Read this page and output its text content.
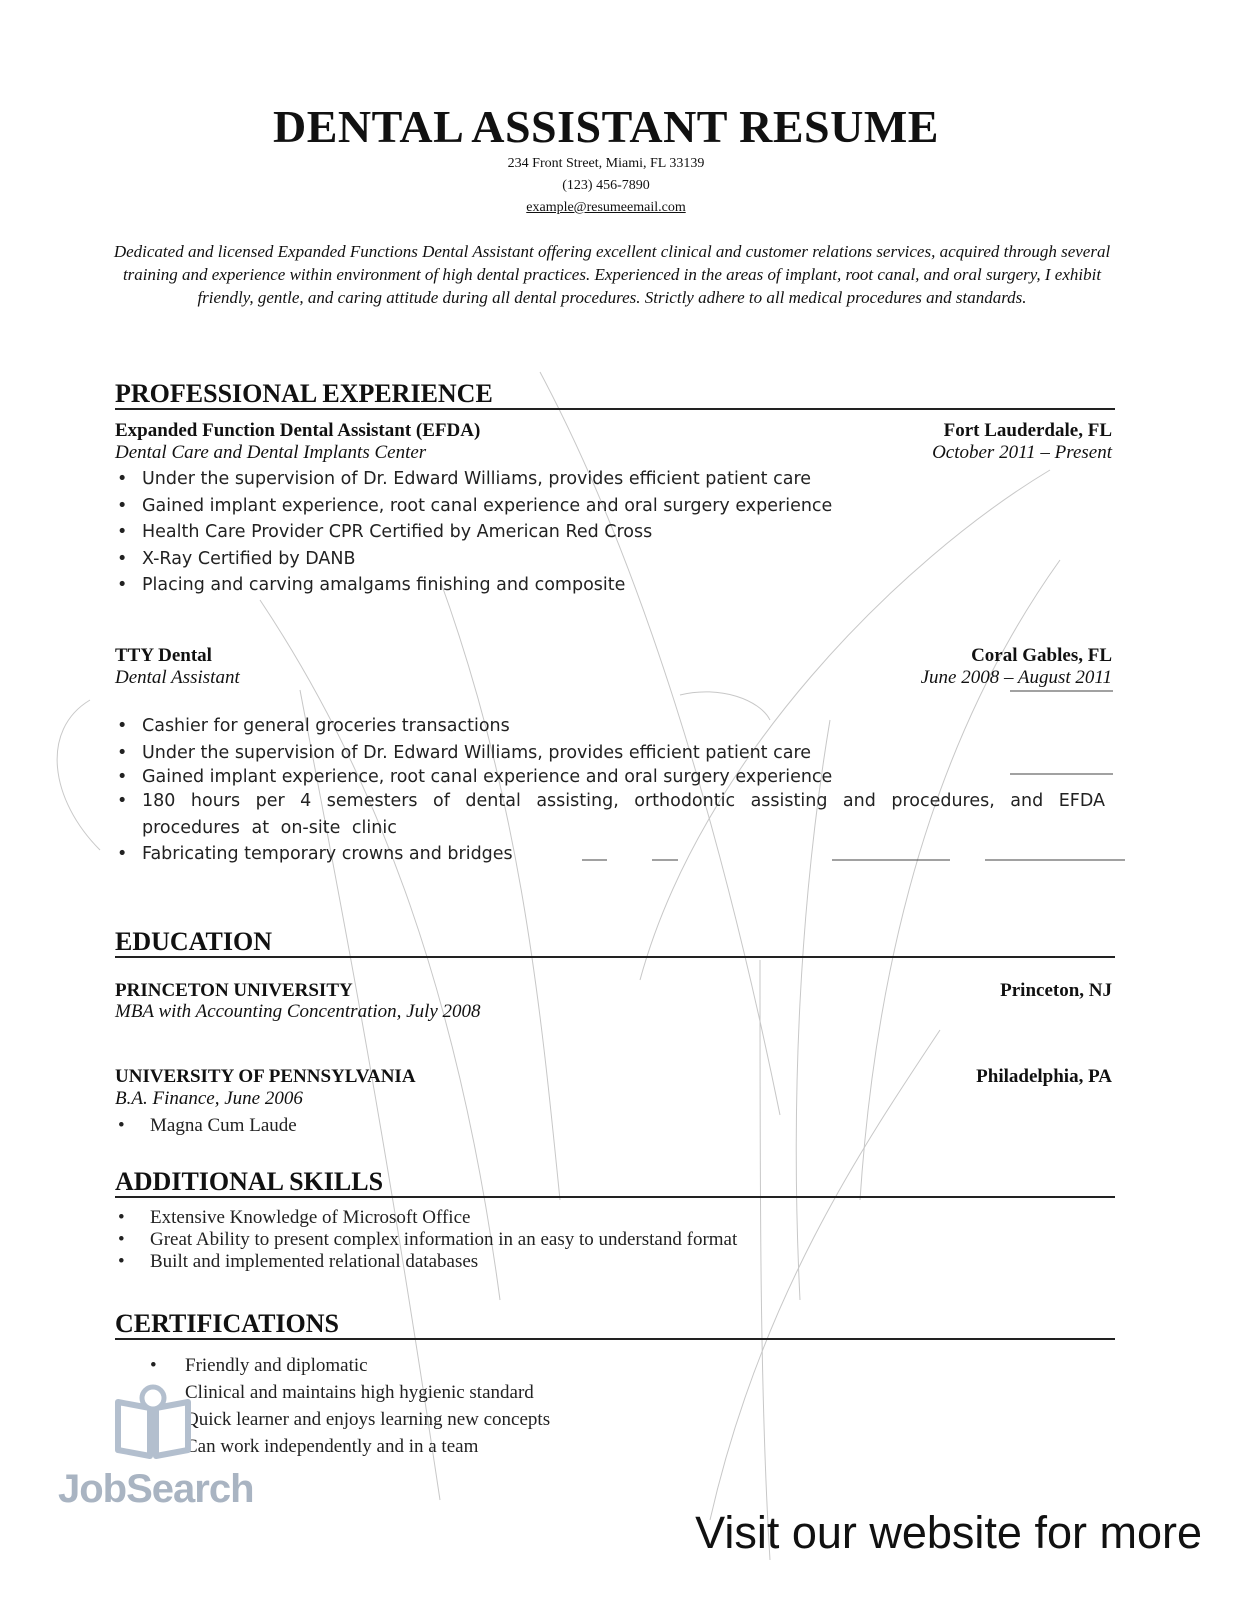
DENTAL ASSISTANT RESUME
234 Front Street, Miami, FL 33139
(123) 456-7890
example@resumeemail.com
Dedicated and licensed Expanded Functions Dental Assistant offering excellent clinical and customer relations services, acquired through several training and experience within environment of high dental practices. Experienced in the areas of implant, root canal, and oral surgery, I exhibit friendly, gentle, and caring attitude during all dental procedures. Strictly adhere to all medical procedures and standards.
PROFESSIONAL EXPERIENCE
Expanded Function Dental Assistant (EFDA)	Fort Lauderdale, FL
Dental Care and Dental Implants Center	October 2011 – Present
• Under the supervision of Dr. Edward Williams, provides efficient patient care
• Gained implant experience, root canal experience and oral surgery experience
• Health Care Provider CPR Certified by American Red Cross
• X-Ray Certified by DANB
• Placing and carving amalgams finishing and composite
TTY Dental	Coral Gables, FL
Dental Assistant	June 2008 – August 2011
• Cashier for general groceries transactions
• Under the supervision of Dr. Edward Williams, provides efficient patient care
• Gained implant experience, root canal experience and oral surgery experience
• 180 hours per 4 semesters of dental assisting, orthodontic assisting and procedures, and EFDA procedures at on-site clinic
• Fabricating temporary crowns and bridges
EDUCATION
PRINCETON UNIVERSITY	Princeton, NJ
MBA with Accounting Concentration, July 2008
UNIVERSITY OF PENNSYLVANIA	Philadelphia, PA
B.A. Finance, June 2006
• Magna Cum Laude
ADDITIONAL SKILLS
• Extensive Knowledge of Microsoft Office
• Great Ability to present complex information in an easy to understand format
• Built and implemented relational databases
CERTIFICATIONS
• Friendly and diplomatic
• Clinical and maintains high hygienic standard
• Quick learner and enjoys learning new concepts
• Can work independently and in a team
JobSearch
Visit our website for more
